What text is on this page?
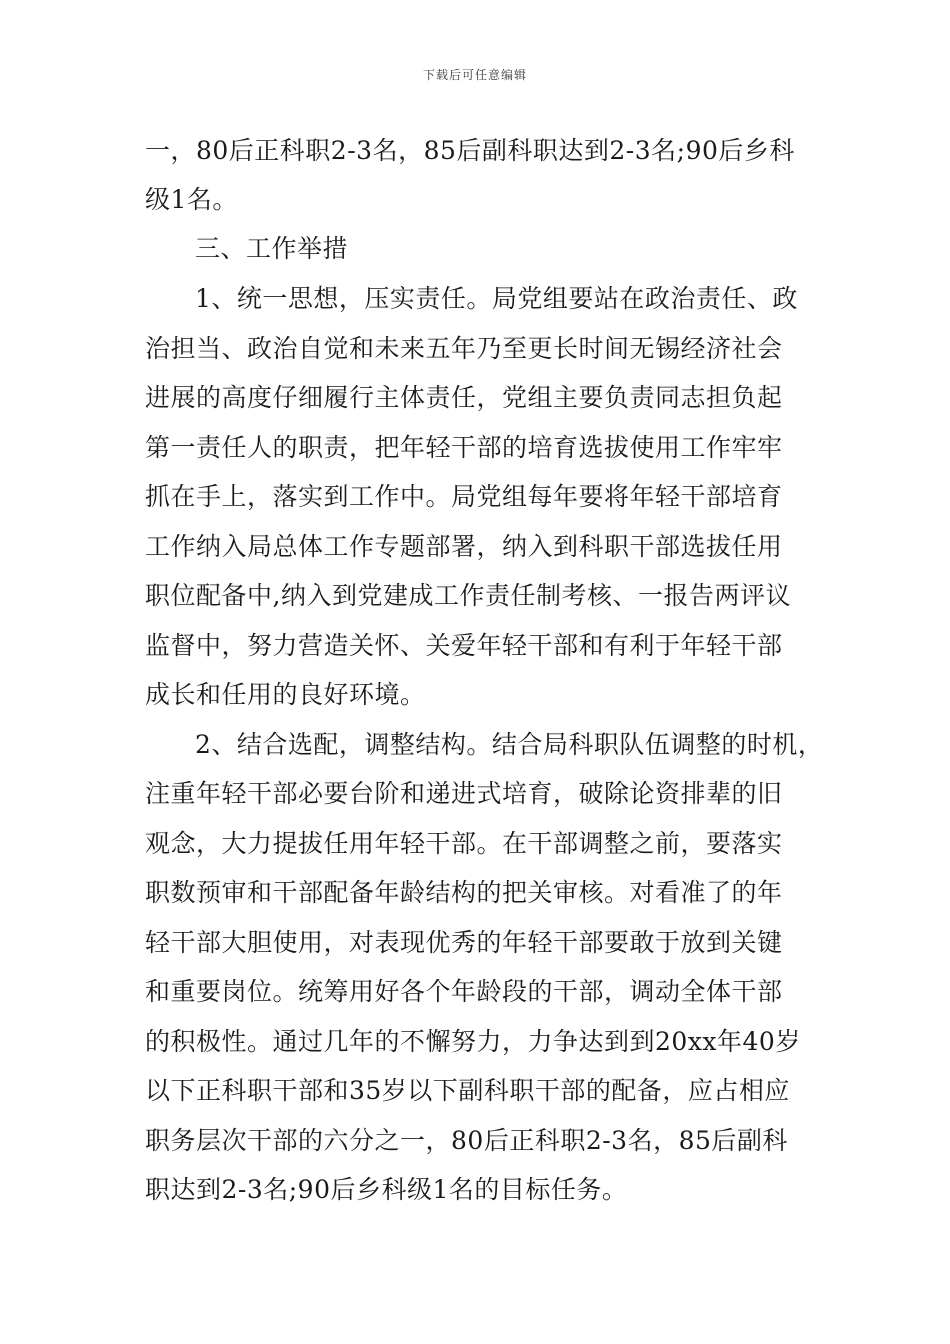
下载后可任意编辑
一，80后正科职2-3名，85后副科职达到2-3名;90后乡科
级1名。
三、工作举措
1、统一思想，压实责任。局党组要站在政治责任、政
治担当、政治自觉和未来五年乃至更长时间无锡经济社会
进展的高度仔细履行主体责任，党组主要负责同志担负起
第一责任人的职责，把年轻干部的培育选拔使用工作牢牢
抓在手上，落实到工作中。局党组每年要将年轻干部培育
工作纳入局总体工作专题部署，纳入到科职干部选拔任用
职位配备中,纳入到党建成工作责任制考核、一报告两评议
监督中，努力营造关怀、关爱年轻干部和有利于年轻干部
成长和任用的良好环境。
2、结合选配，调整结构。结合局科职队伍调整的时机，
注重年轻干部必要台阶和递进式培育，破除论资排辈的旧
观念，大力提拔任用年轻干部。在干部调整之前，要落实
职数预审和干部配备年龄结构的把关审核。对看准了的年
轻干部大胆使用，对表现优秀的年轻干部要敢于放到关键
和重要岗位。统筹用好各个年龄段的干部，调动全体干部
的积极性。通过几年的不懈努力，力争达到到20xx年40岁
以下正科职干部和35岁以下副科职干部的配备，应占相应
职务层次干部的六分之一，80后正科职2-3名，85后副科
职达到2-3名;90后乡科级1名的目标任务。
